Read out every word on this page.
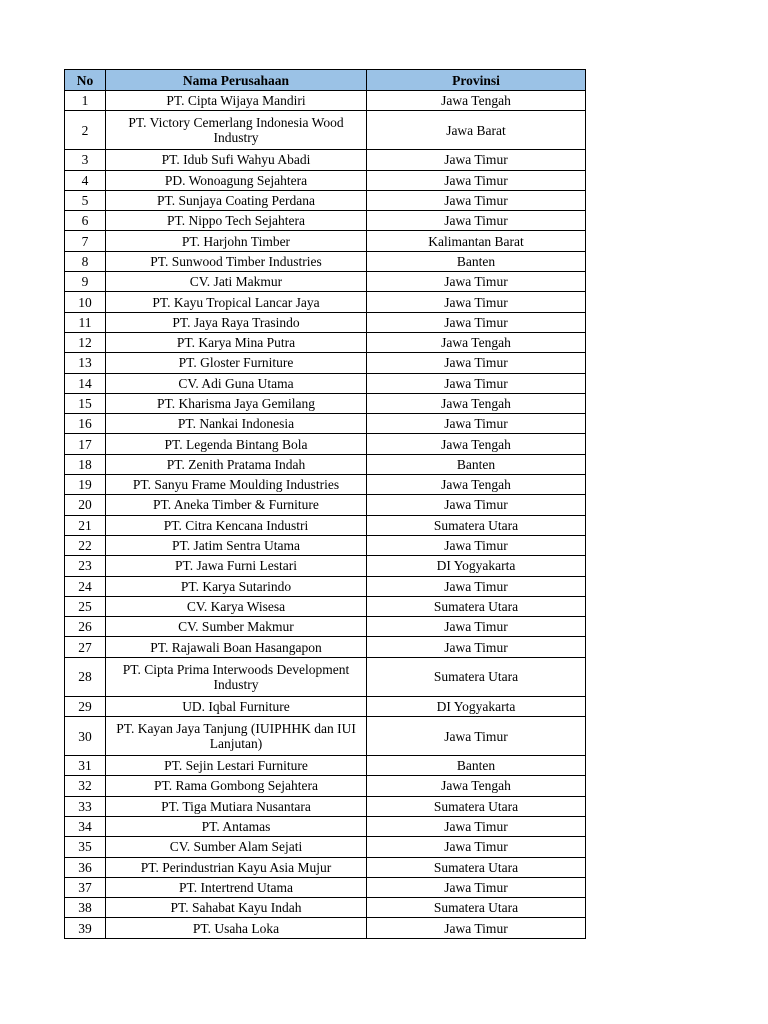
No	Nama Perusahaan	Provinsi
1	PT. Cipta Wijaya Mandiri	Jawa Tengah
2	PT. Victory Cemerlang Indonesia Wood Industry	Jawa Barat
3	PT. Idub Sufi Wahyu Abadi	Jawa Timur
4	PD. Wonoagung Sejahtera	Jawa Timur
5	PT. Sunjaya Coating Perdana	Jawa Timur
6	PT. Nippo Tech Sejahtera	Jawa Timur
7	PT. Harjohn Timber	Kalimantan Barat
8	PT. Sunwood Timber Industries	Banten
9	CV. Jati Makmur	Jawa Timur
10	PT. Kayu Tropical Lancar Jaya	Jawa Timur
11	PT. Jaya Raya Trasindo	Jawa Timur
12	PT. Karya Mina Putra	Jawa Tengah
13	PT. Gloster Furniture	Jawa Timur
14	CV. Adi Guna Utama	Jawa Timur
15	PT. Kharisma Jaya Gemilang	Jawa Tengah
16	PT. Nankai Indonesia	Jawa Timur
17	PT. Legenda Bintang Bola	Jawa Tengah
18	PT. Zenith Pratama Indah	Banten
19	PT. Sanyu Frame Moulding Industries	Jawa Tengah
20	PT. Aneka Timber & Furniture	Jawa Timur
21	PT. Citra Kencana Industri	Sumatera Utara
22	PT. Jatim Sentra Utama	Jawa Timur
23	PT. Jawa Furni Lestari	DI Yogyakarta
24	PT. Karya Sutarindo	Jawa Timur
25	CV. Karya Wisesa	Sumatera Utara
26	CV. Sumber Makmur	Jawa Timur
27	PT. Rajawali Boan Hasangapon	Jawa Timur
28	PT. Cipta Prima Interwoods Development Industry	Sumatera Utara
29	UD. Iqbal Furniture	DI Yogyakarta
30	PT. Kayan Jaya Tanjung (IUIPHHK dan IUI Lanjutan)	Jawa Timur
31	PT. Sejin Lestari Furniture	Banten
32	PT. Rama Gombong Sejahtera	Jawa Tengah
33	PT. Tiga Mutiara Nusantara	Sumatera Utara
34	PT. Antamas	Jawa Timur
35	CV. Sumber Alam Sejati	Jawa Timur
36	PT. Perindustrian Kayu Asia Mujur	Sumatera Utara
37	PT. Intertrend Utama	Jawa Timur
38	PT. Sahabat Kayu Indah	Sumatera Utara
39	PT. Usaha Loka	Jawa Timur
